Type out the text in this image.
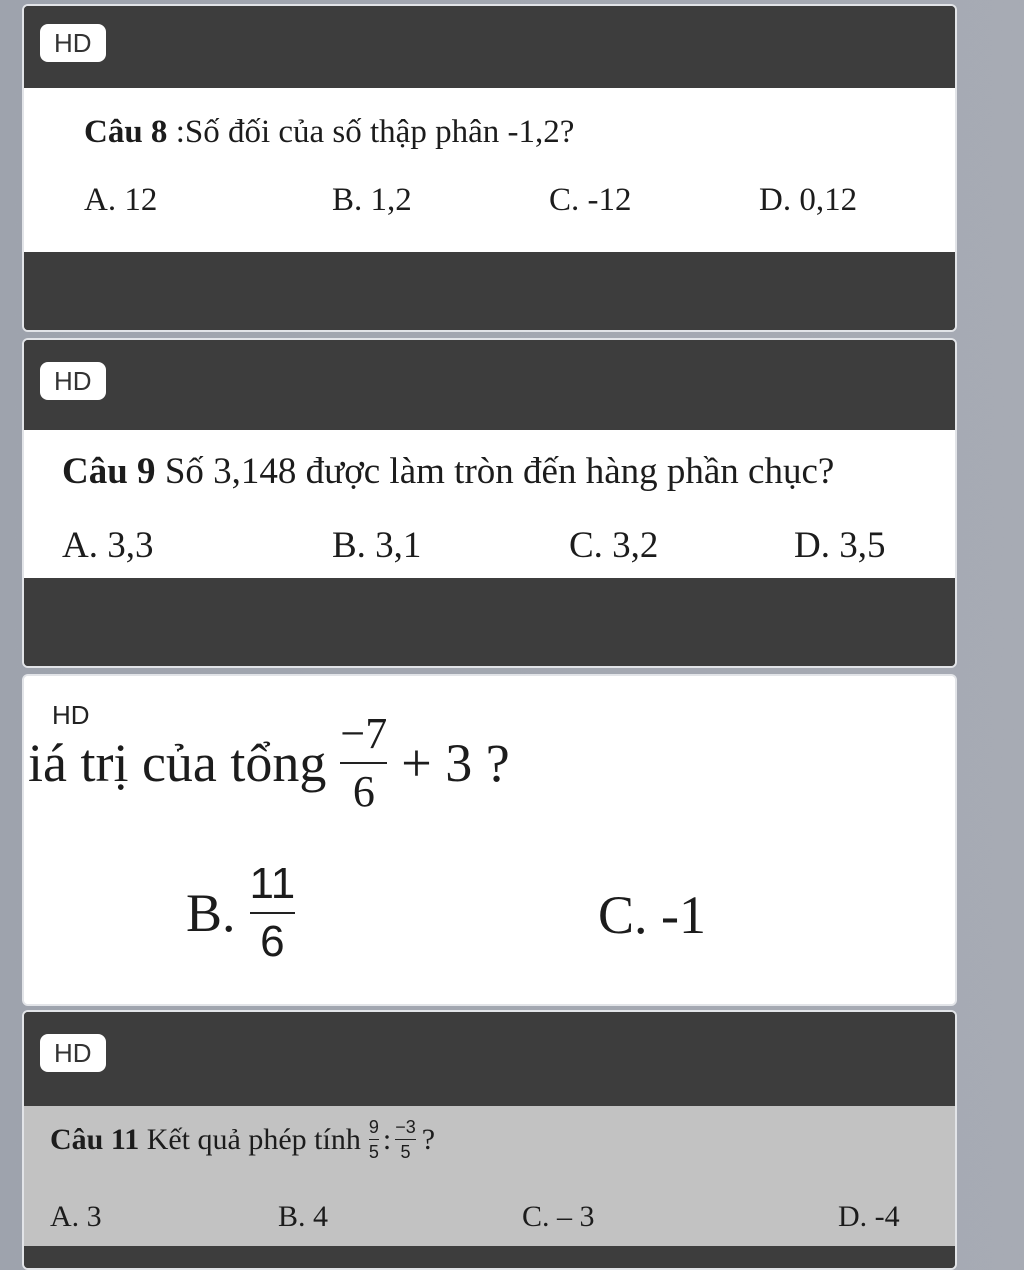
HD
Câu 8 :Số đối của số thập phân -1,2?
A. 12	B. 1,2	C. -12	D. 0,12
HD
Câu 9 Số 3,148 được làm tròn đến hàng phần chục?
A. 3,3	B. 3,1	C. 3,2	D. 3,5
HD
iá trị của tổng $\frac{-7}{6} + 3$ ?
B. $\frac{11}{6}$	C. -1
HD
Câu 11 Kết quả phép tính $\frac{9}{5}$ : $\frac{-3}{5}$ ?
A. 3	B. 4	C. – 3	D. -4
